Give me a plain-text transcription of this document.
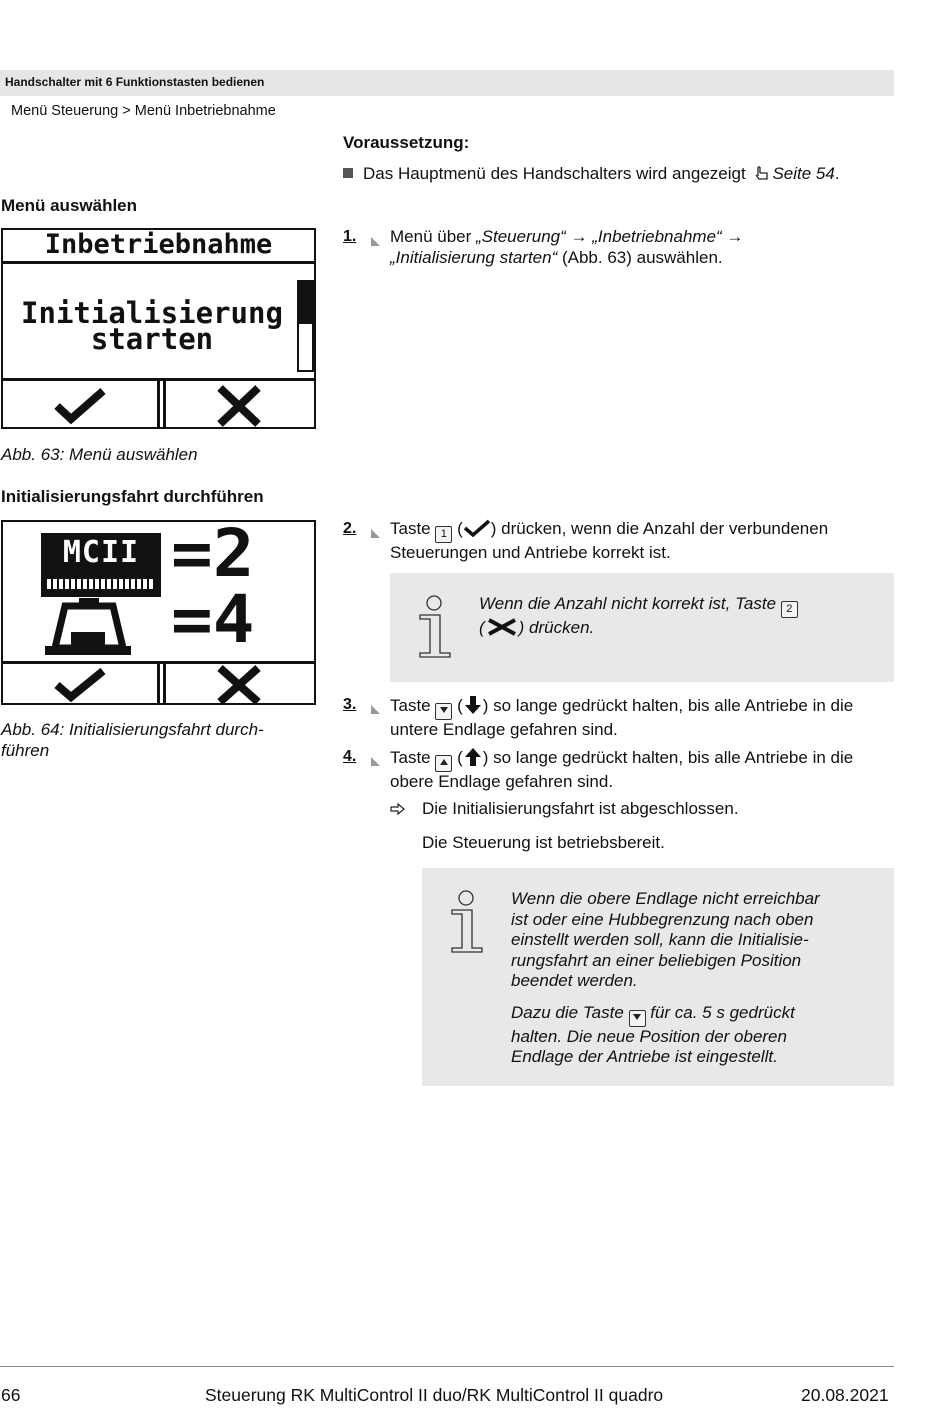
Handschalter mit 6 Funktionstasten bedienen
Menü Steuerung > Menü Inbetriebnahme
Voraussetzung:
Das Hauptmenü des Handschalters wird angezeigt Seite 54.
Menü auswählen
Inbetriebnahme
Initialisierung
starten
Abb. 63: Menü auswählen
1. Menü über „Steuerung“ → „Inbetriebnahme“ →
„Initialisierung starten“ (Abb. 63) auswählen.
Initialisierungsfahrt durchführen
MCII =2
=4
Abb. 64: Initialisierungsfahrt durch-
führen
2. Taste 1 ( ) drücken, wenn die Anzahl der verbundenen
Steuerungen und Antriebe korrekt ist.
Wenn die Anzahl nicht korrekt ist, Taste 2
( ) drücken.
3. Taste  ( ) so lange gedrückt halten, bis alle Antriebe in die
untere Endlage gefahren sind.
4. Taste  ( ) so lange gedrückt halten, bis alle Antriebe in die
obere Endlage gefahren sind.
Die Initialisierungsfahrt ist abgeschlossen.
Die Steuerung ist betriebsbereit.
Wenn die obere Endlage nicht erreichbar
ist oder eine Hubbegrenzung nach oben
einstellt werden soll, kann die Initialisie-
rungsfahrt an einer beliebigen Position
beendet werden.
Dazu die Taste  für ca. 5 s gedrückt
halten. Die neue Position der oberen
Endlage der Antriebe ist eingestellt.
66	Steuerung RK MultiControl II duo/RK MultiControl II quadro	20.08.2021
